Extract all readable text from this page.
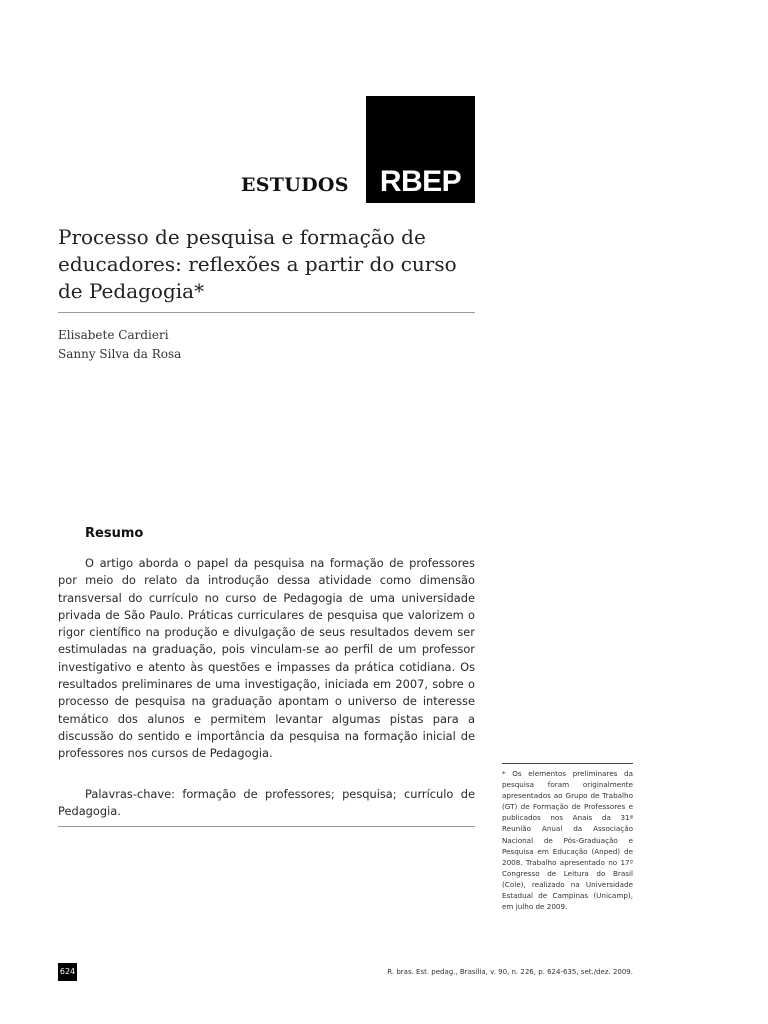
ESTUDOS	RBEP
Processo de pesquisa e formação de educadores: reflexões a partir do curso de Pedagogia*
Elisabete Cardieri
Sanny Silva da Rosa
Resumo

O artigo aborda o papel da pesquisa na formação de professores por meio do relato da introdução dessa atividade como dimensão transversal do currículo no curso de Pedagogia de uma universidade privada de São Paulo. Práticas curriculares de pesquisa que valorizem o rigor científico na produção e divulgação de seus resultados devem ser estimuladas na graduação, pois vinculam-se ao perfil de um professor investigativo e atento às questões e impasses da prática cotidiana. Os resultados preliminares de uma investigação, iniciada em 2007, sobre o processo de pesquisa na graduação apontam o universo de interesse temático dos alunos e permitem levantar algumas pistas para a discussão do sentido e importância da pesquisa na formação inicial de professores nos cursos de Pedagogia.

Palavras-chave: formação de professores; pesquisa; currículo de Pedagogia.

* Os elementos preliminares da pesquisa foram originalmente apresentados ao Grupo de Trabalho (GT) de Formação de Professores e publicados nos Anais da 31ª Reunião Anual da Associação Nacional de Pós-Graduação e Pesquisa em Educação (Anped) de 2008. Trabalho apresentado no 17º Congresso de Leitura do Brasil (Cole), realizado na Universidade Estadual de Campinas (Unicamp), em julho de 2009.

624	R. bras. Est. pedag., Brasília, v. 90, n. 226, p. 624-635, set./dez. 2009.
